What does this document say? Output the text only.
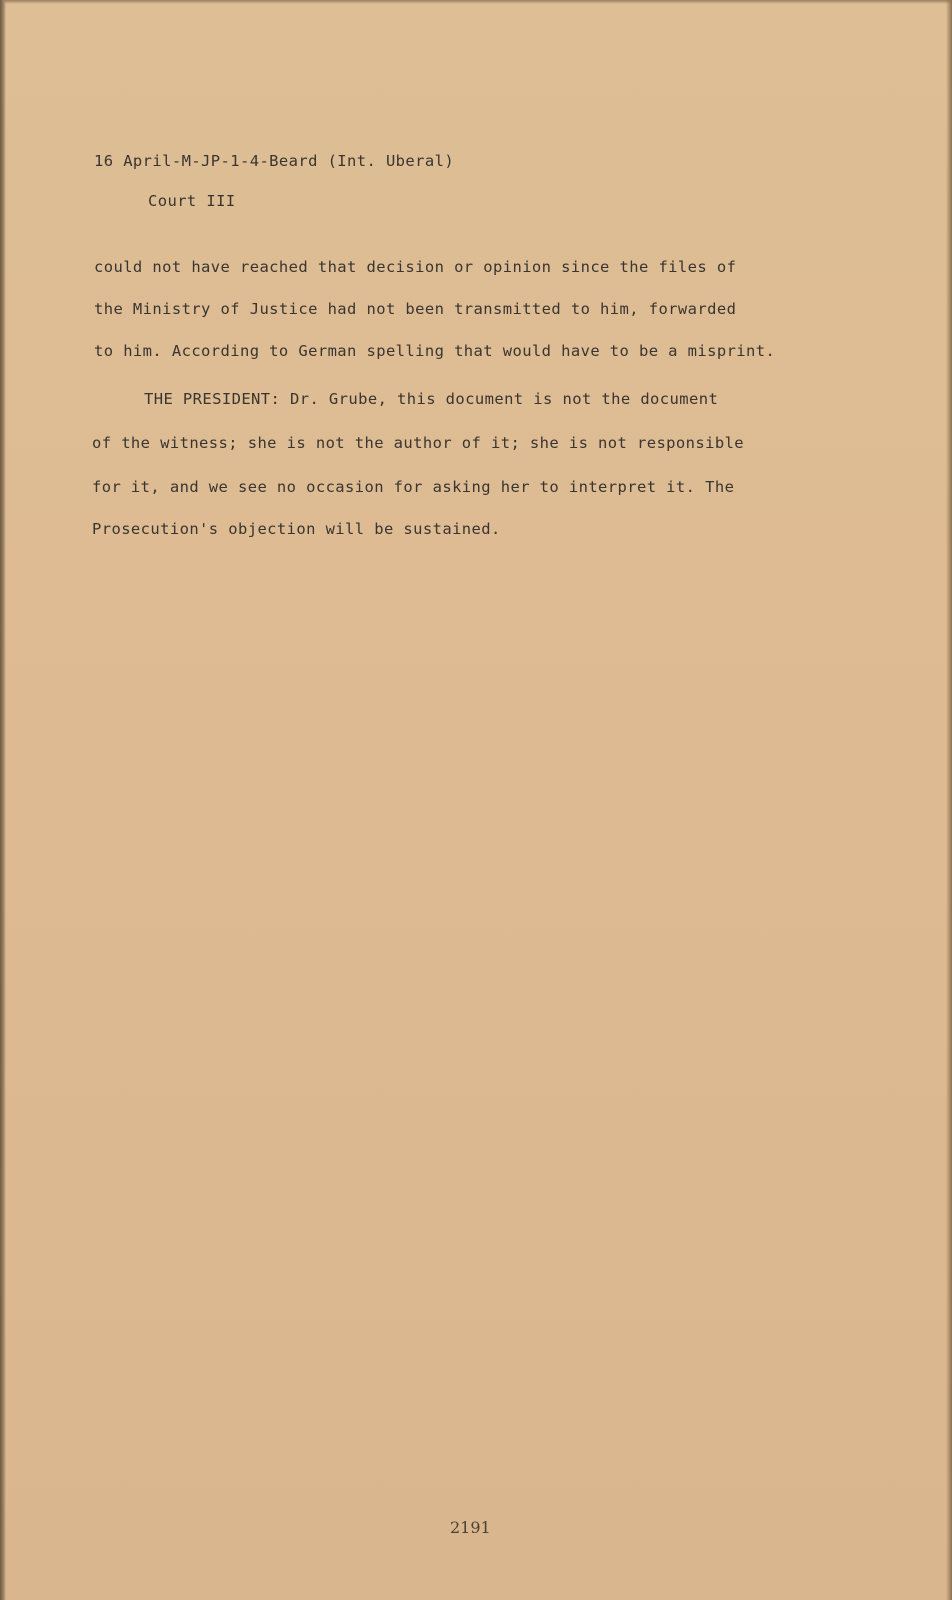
16 April-M-JP-1-4-Beard (Int. Uberal)
Court III
could not have reached that decision or opinion since the files of
the Ministry of Justice had not been transmitted to him, forwarded
to him. According to German spelling that would have to be a misprint.
THE PRESIDENT: Dr. Grube, this document is not the document
of the witness; she is not the author of it; she is not responsible
for it, and we see no occasion for asking her to interpret it. The
Prosecution's objection will be sustained.
2191
